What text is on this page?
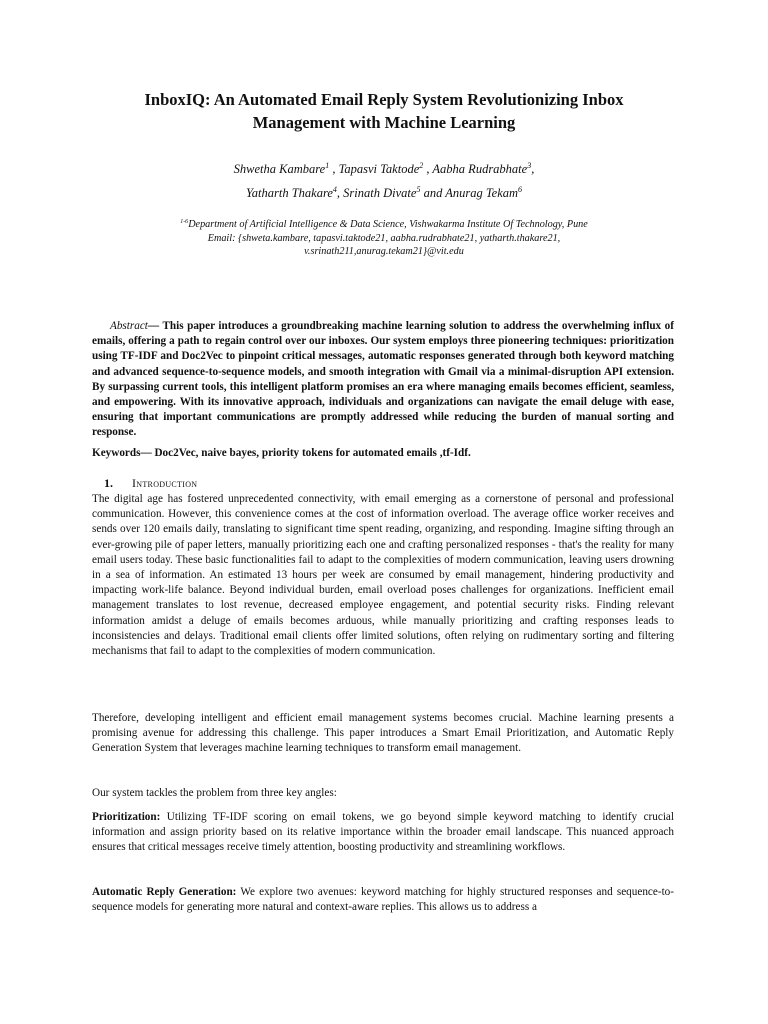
InboxIQ: An Automated Email Reply System Revolutionizing Inbox
Management with Machine Learning
Shwetha Kambare$^1$ , Tapasvi Taktode$^2$ , Aabha Rudrabhate$^3$,
Yatharth Thakare$^4$, Srinath Divate$^5$ and Anurag Tekam$^6$
$^{1-6}$Department of Artificial Intelligence & Data Science, Vishwakarma Institute Of Technology, Pune
Email: {shweta.kambare, tapasvi.taktode21, aabha.rudrabhate21, yatharth.thakare21,
v.srinath211,anurag.tekam21}@vit.edu
Abstract— This paper introduces a groundbreaking machine learning solution to address the overwhelming influx of emails, offering a path to regain control over our inboxes. Our system employs three pioneering techniques: prioritization using TF-IDF and Doc2Vec to pinpoint critical messages, automatic responses generated through both keyword matching and advanced sequence-to-sequence models, and smooth integration with Gmail via a minimal-disruption API extension. By surpassing current tools, this intelligent platform promises an era where managing emails becomes efficient, seamless, and empowering. With its innovative approach, individuals and organizations can navigate the email deluge with ease, ensuring that important communications are promptly addressed while reducing the burden of manual sorting and response.
Keywords— Doc2Vec, naive bayes, priority tokens for automated emails ,tf-Idf.
1. Introduction
The digital age has fostered unprecedented connectivity, with email emerging as a cornerstone of personal and professional communication. However, this convenience comes at the cost of information overload. The average office worker receives and sends over 120 emails daily, translating to significant time spent reading, organizing, and responding. Imagine sifting through an ever-growing pile of paper letters, manually prioritizing each one and crafting personalized responses - that's the reality for many email users today. These basic functionalities fail to adapt to the complexities of modern communication, leaving users drowning in a sea of information. An estimated 13 hours per week are consumed by email management, hindering productivity and impacting work-life balance. Beyond individual burden, email overload poses challenges for organizations. Inefficient email management translates to lost revenue, decreased employee engagement, and potential security risks. Finding relevant information amidst a deluge of emails becomes arduous, while manually prioritizing and crafting responses leads to inconsistencies and delays. Traditional email clients offer limited solutions, often relying on rudimentary sorting and filtering mechanisms that fail to adapt to the complexities of modern communication.
Therefore, developing intelligent and efficient email management systems becomes crucial. Machine learning presents a promising avenue for addressing this challenge. This paper introduces a Smart Email Prioritization, and Automatic Reply Generation System that leverages machine learning techniques to transform email management.
Our system tackles the problem from three key angles:
Prioritization: Utilizing TF-IDF scoring on email tokens, we go beyond simple keyword matching to identify crucial information and assign priority based on its relative importance within the broader email landscape. This nuanced approach ensures that critical messages receive timely attention, boosting productivity and streamlining workflows.
Automatic Reply Generation: We explore two avenues: keyword matching for highly structured responses and sequence-to-sequence models for generating more natural and context-aware replies. This allows us to address a
